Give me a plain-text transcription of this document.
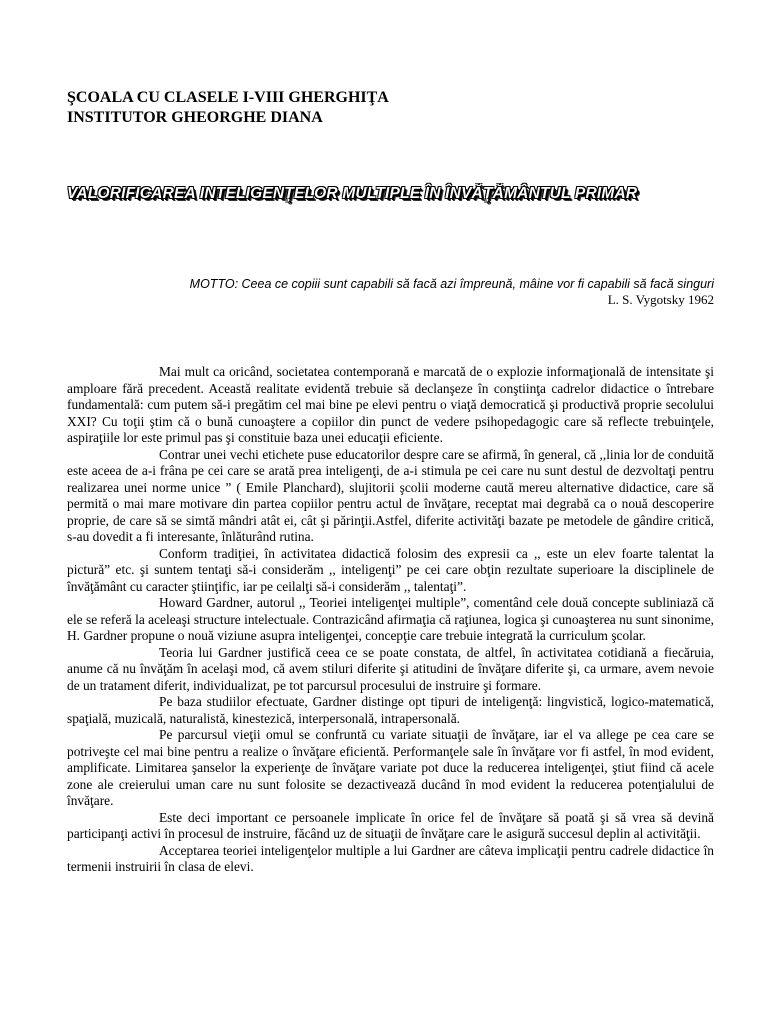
ŞCOALA CU CLASELE I-VIII GHERGHIŢA
INSTITUTOR GHEORGHE DIANA
VALORIFICAREA INTELIGENŢELOR MULTIPLE ÎN ÎNVĂŢĂMÂNTUL PRIMAR
MOTTO: Ceea ce copiii sunt capabili să facă azi împreună, mâine vor fi capabili să facă singuri
L. S. Vygotsky 1962

Mai mult ca oricând, societatea contemporană e marcată de o explozie informaţională de intensitate şi amploare fără precedent. Această realitate evidentă trebuie să declanşeze în conştiinţa cadrelor didactice o întrebare fundamentală: cum putem să-i pregătim cel mai bine pe elevi pentru o viaţă democratică şi productivă proprie secolului XXI? Cu toţii ştim că o bună cunoaştere a copiilor din punct de vedere psihopedagogic care să reflecte trebuinţele, aspiraţiile lor este primul pas şi constituie baza unei educaţii eficiente.

Contrar unei vechi etichete puse educatorilor despre care se afirmă, în general, că ,,linia lor de conduită este aceea de a-i frâna pe cei care se arată prea inteligenţi, de a-i stimula pe cei care nu sunt destul de dezvoltaţi pentru realizarea unei norme unice ” ( Emile Planchard), slujitorii şcolii moderne caută mereu alternative didactice, care să permită o mai mare motivare din partea copiilor pentru actul de învăţare, receptat mai degrabă ca o nouă descoperire proprie, de care să se simtă mândri atât ei, cât şi părinţii.Astfel, diferite activităţi bazate pe metodele de gândire critică, s-au dovedit a fi interesante, înlăturând rutina.

Conform tradiţiei, în activitatea didactică folosim des expresii ca ,, este un elev foarte talentat la pictură” etc. şi suntem tentaţi să-i considerăm ,, inteligenţi” pe cei care obţin rezultate superioare la disciplinele de învăţământ cu caracter ştiinţific, iar pe ceilalţi să-i considerăm ,, talentaţi”.

Howard Gardner, autorul ,, Teoriei inteligenţei multiple”, comentând cele două concepte subliniază că ele se referă la aceleaşi structure intelectuale. Contrazicând afirmaţia că raţiunea, logica şi cunoaşterea nu sunt sinonime, H. Gardner propune o nouă viziune asupra inteligenţei, concepţie care trebuie integrată la curriculum şcolar.

Teoria lui Gardner justifică ceea ce se poate constata, de altfel, în activitatea cotidiană a fiecăruia, anume că nu învăţăm în acelaşi mod, că avem stiluri diferite şi atitudini de învăţare diferite şi, ca urmare, avem nevoie de un tratament diferit, individualizat, pe tot parcursul procesului de instruire şi formare.

Pe baza studiilor efectuate, Gardner distinge opt tipuri de inteligenţă: lingvistică, logico-matematică, spaţială, muzicală, naturalistă, kinestezică, interpersonală, intrapersonală.

Pe parcursul vieţii omul se confruntă cu variate situaţii de învăţare, iar el va allege pe cea care se potriveşte cel mai bine pentru a realize o învăţare eficientă. Performanţele sale în învăţare vor fi astfel, în mod evident, amplificate. Limitarea şanselor la experienţe de învăţare variate pot duce la reducerea inteligenţei, ştiut fiind că acele zone ale creierului uman care nu sunt folosite se dezactivează ducând în mod evident la reducerea potenţialului de învăţare.

Este deci important ce persoanele implicate în orice fel de învăţare să poată şi să vrea să devină participanţi activi în procesul de instruire, făcând uz de situaţii de învăţare care le asigură succesul deplin al activităţii.

Acceptarea teoriei inteligenţelor multiple a lui Gardner are câteva implicaţii pentru cadrele didactice în termenii instruirii în clasa de elevi.
